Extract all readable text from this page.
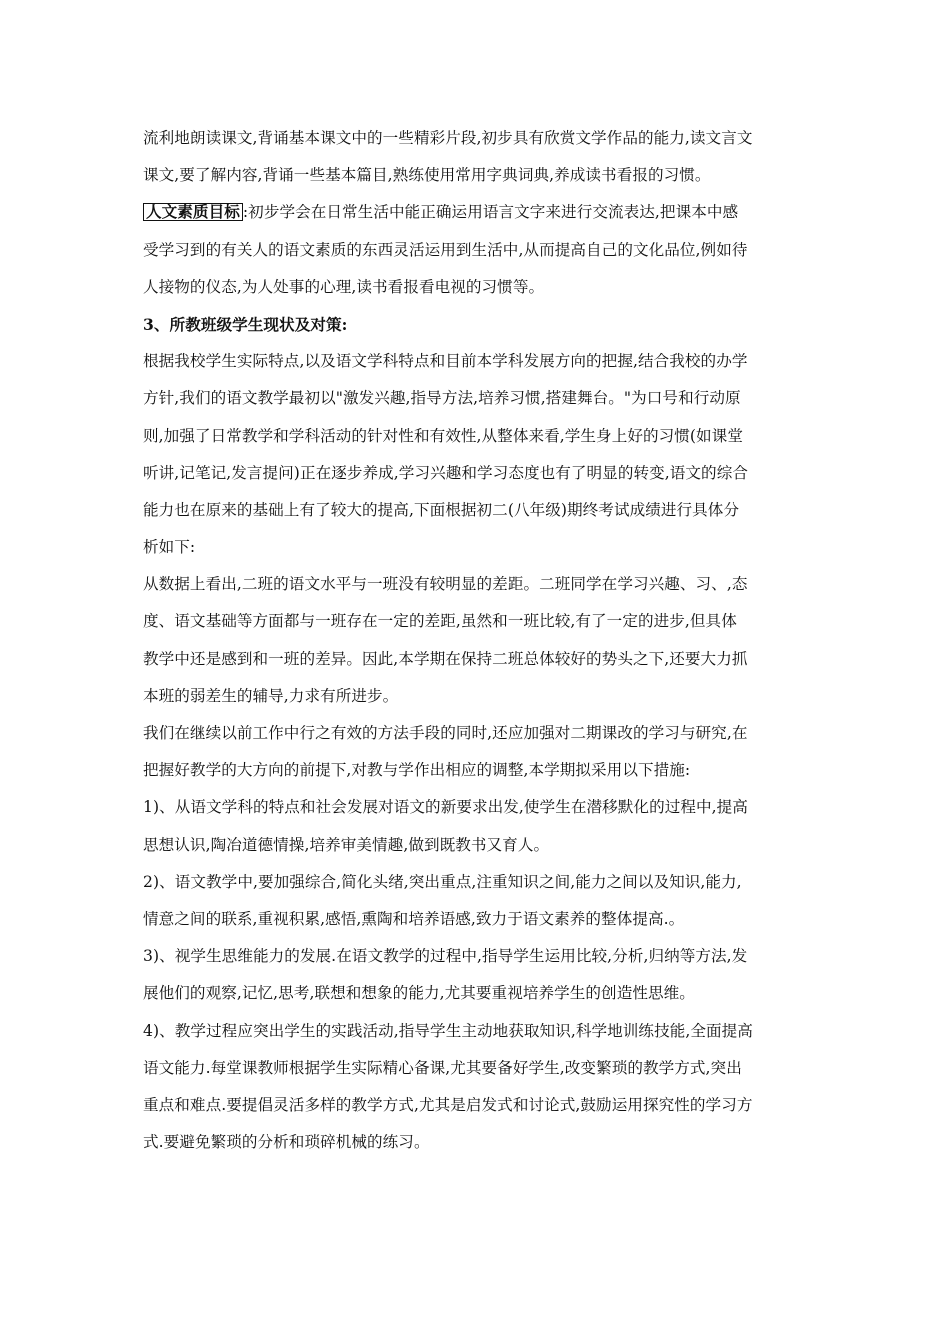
流利地朗读课文,背诵基本课文中的一些精彩片段,初步具有欣赏文学作品的能力,读文言文
课文,要了解内容,背诵一些基本篇目,熟练使用常用字典词典,养成读书看报的习惯。
人文素质目标 :初步学会在日常生活中能正确运用语言文字来进行交流表达,把课本中感
受学习到的有关人的语文素质的东西灵活运用到生活中,从而提高自己的文化品位,例如待
人接物的仪态,为人处事的心理,读书看报看电视的习惯等。
3、所教班级学生现状及对策:
根据我校学生实际特点,以及语文学科特点和目前本学科发展方向的把握,结合我校的办学
方针,我们的语文教学最初以"激发兴趣,指导方法,培养习惯,搭建舞台。"为口号和行动原
则,加强了日常教学和学科活动的针对性和有效性,从整体来看,学生身上好的习惯(如课堂
听讲,记笔记,发言提问)正在逐步养成,学习兴趣和学习态度也有了明显的转变,语文的综合
能力也在原来的基础上有了较大的提高,下面根据初二(八年级)期终考试成绩进行具体分
析如下:
从数据上看出,二班的语文水平与一班没有较明显的差距。二班同学在学习兴趣、习、,态
度、语文基础等方面都与一班存在一定的差距,虽然和一班比较,有了一定的进步,但具体
教学中还是感到和一班的差异。因此,本学期在保持二班总体较好的势头之下,还要大力抓
本班的弱差生的辅导,力求有所进步。
我们在继续以前工作中行之有效的方法手段的同时,还应加强对二期课改的学习与研究,在
把握好教学的大方向的前提下,对教与学作出相应的调整,本学期拟采用以下措施:
1)、从语文学科的特点和社会发展对语文的新要求出发,使学生在潜移默化的过程中,提高
思想认识,陶冶道德情操,培养审美情趣,做到既教书又育人。
2)、语文教学中,要加强综合,简化头绪,突出重点,注重知识之间,能力之间以及知识,能力,
情意之间的联系,重视积累,感悟,熏陶和培养语感,致力于语文素养的整体提高.。
3)、视学生思维能力的发展.在语文教学的过程中,指导学生运用比较,分析,归纳等方法,发
展他们的观察,记忆,思考,联想和想象的能力,尤其要重视培养学生的创造性思维。
4)、教学过程应突出学生的实践活动,指导学生主动地获取知识,科学地训练技能,全面提高
语文能力.每堂课教师根据学生实际精心备课,尤其要备好学生,改变繁琐的教学方式,突出
重点和难点.要提倡灵活多样的教学方式,尤其是启发式和讨论式,鼓励运用探究性的学习方
式.要避免繁琐的分析和琐碎机械的练习。
